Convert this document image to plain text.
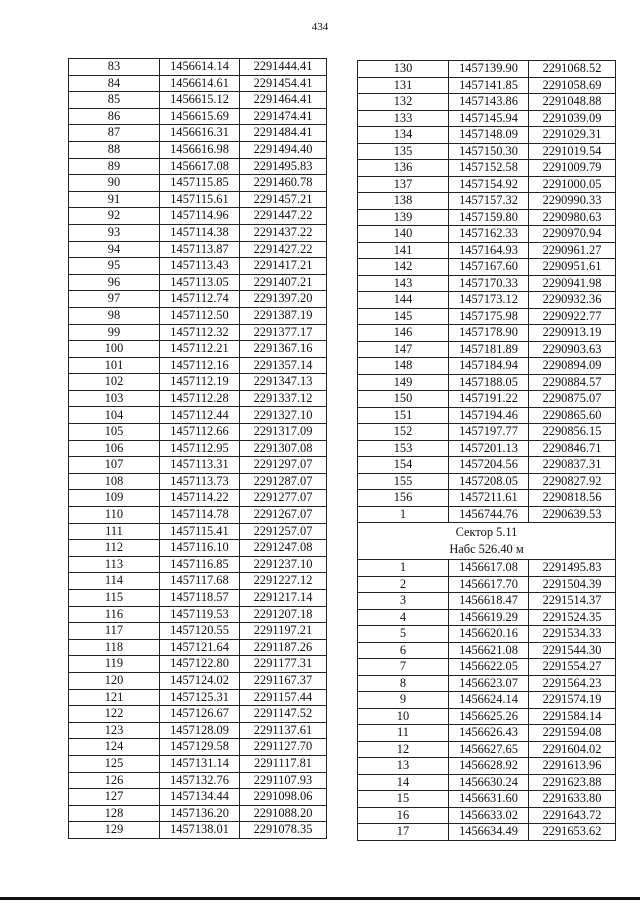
434
83	1456614.14	2291444.41
84	1456614.61	2291454.41
85	1456615.12	2291464.41
86	1456615.69	2291474.41
87	1456616.31	2291484.41
88	1456616.98	2291494.40
89	1456617.08	2291495.83
90	1457115.85	2291460.78
91	1457115.61	2291457.21
92	1457114.96	2291447.22
93	1457114.38	2291437.22
94	1457113.87	2291427.22
95	1457113.43	2291417.21
96	1457113.05	2291407.21
97	1457112.74	2291397.20
98	1457112.50	2291387.19
99	1457112.32	2291377.17
100	1457112.21	2291367.16
101	1457112.16	2291357.14
102	1457112.19	2291347.13
103	1457112.28	2291337.12
104	1457112.44	2291327.10
105	1457112.66	2291317.09
106	1457112.95	2291307.08
107	1457113.31	2291297.07
108	1457113.73	2291287.07
109	1457114.22	2291277.07
110	1457114.78	2291267.07
111	1457115.41	2291257.07
112	1457116.10	2291247.08
113	1457116.85	2291237.10
114	1457117.68	2291227.12
115	1457118.57	2291217.14
116	1457119.53	2291207.18
117	1457120.55	2291197.21
118	1457121.64	2291187.26
119	1457122.80	2291177.31
120	1457124.02	2291167.37
121	1457125.31	2291157.44
122	1457126.67	2291147.52
123	1457128.09	2291137.61
124	1457129.58	2291127.70
125	1457131.14	2291117.81
126	1457132.76	2291107.93
127	1457134.44	2291098.06
128	1457136.20	2291088.20
129	1457138.01	2291078.35
130	1457139.90	2291068.52
131	1457141.85	2291058.69
132	1457143.86	2291048.88
133	1457145.94	2291039.09
134	1457148.09	2291029.31
135	1457150.30	2291019.54
136	1457152.58	2291009.79
137	1457154.92	2291000.05
138	1457157.32	2290990.33
139	1457159.80	2290980.63
140	1457162.33	2290970.94
141	1457164.93	2290961.27
142	1457167.60	2290951.61
143	1457170.33	2290941.98
144	1457173.12	2290932.36
145	1457175.98	2290922.77
146	1457178.90	2290913.19
147	1457181.89	2290903.63
148	1457184.94	2290894.09
149	1457188.05	2290884.57
150	1457191.22	2290875.07
151	1457194.46	2290865.60
152	1457197.77	2290856.15
153	1457201.13	2290846.71
154	1457204.56	2290837.31
155	1457208.05	2290827.92
156	1457211.61	2290818.56
1	1456744.76	2290639.53

Сектор 5.11
Набс 526.40 м		

1	1456617.08	2291495.83
2	1456617.70	2291504.39
3	1456618.47	2291514.37
4	1456619.29	2291524.35
5	1456620.16	2291534.33
6	1456621.08	2291544.30
7	1456622.05	2291554.27
8	1456623.07	2291564.23
9	1456624.14	2291574.19
10	1456625.26	2291584.14
11	1456626.43	2291594.08
12	1456627.65	2291604.02
13	1456628.92	2291613.96
14	1456630.24	2291623.88
15	1456631.60	2291633.80
16	1456633.02	2291643.72
17	1456634.49	2291653.62
